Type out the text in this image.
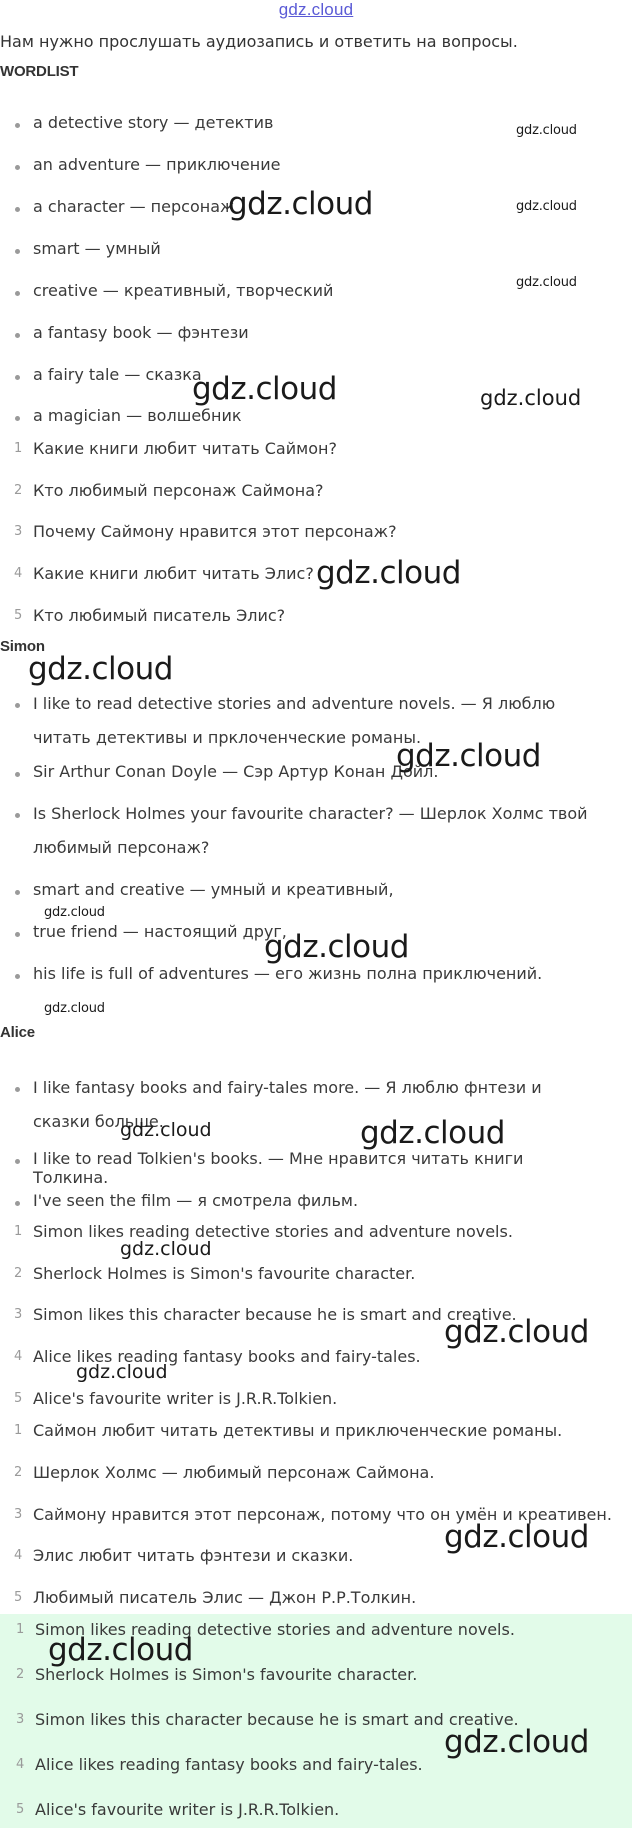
gdz.cloud
Нам нужно прослушать аудиозапись и ответить на вопросы.
WORDLIST
a detective story — детектив
an adventure — приключение
a character — персонаж
smart — умный
creative — креативный, творческий
a fantasy book — фэнтези
a fairy tale — сказка
a magician — волшебник
1 Какие книги любит читать Саймон?
2 Кто любимый персонаж Саймона?
3 Почему Саймону нравится этот персонаж?
4 Какие книги любит читать Элис?
5 Кто любимый писатель Элис?
Simon
I like to read detective stories and adventure novels. — Я люблю читать детективы и прклоченческие романы.
Sir Arthur Conan Doyle — Сэр Артур Конан Дойл.
Is Sherlock Holmes your favourite character? — Шерлок Холмс твой любимый персонаж?
smart and creative — умный и креативный,
true friend — настоящий друг,
his life is full of adventures — его жизнь полна приключений.
Alice
I like fantasy books and fairy-tales more. — Я люблю фнтези и сказки больше.
I like to read Tolkien's books. — Мне нравится читать книги Толкина.
I've seen the film — я смотрела фильм.
1 Simon likes reading detective stories and adventure novels.
2 Sherlock Holmes is Simon's favourite character.
3 Simon likes this character because he is smart and creative.
4 Alice likes reading fantasy books and fairy-tales.
5 Alice's favourite writer is J.R.R.Tolkien.
1 Саймон любит читать детективы и приключенческие романы.
2 Шерлок Холмс — любимый персонаж Саймона.
3 Саймону нравится этот персонаж, потому что он умён и креативен.
4 Элис любит читать фэнтези и сказки.
5 Любимый писатель Элис — Джон Р.Р.Толкин.
1 Simon likes reading detective stories and adventure novels.
2 Sherlock Holmes is Simon's favourite character.
3 Simon likes this character because he is smart and creative.
4 Alice likes reading fantasy books and fairy-tales.
5 Alice's favourite writer is J.R.R.Tolkien.
gdz.cloud
gdz.cloud
gdz.cloud
gdz.cloud
gdz.cloud	gdz.cloud
gdz.cloud
gdz.cloud
gdz.cloud
gdz.cloud
gdz.cloud
gdz.cloud
gdz.cloud	gdz.cloud
gdz.cloud
gdz.cloud
gdz.cloud
gdz.cloud
gdz.cloud
gdz.cloud
